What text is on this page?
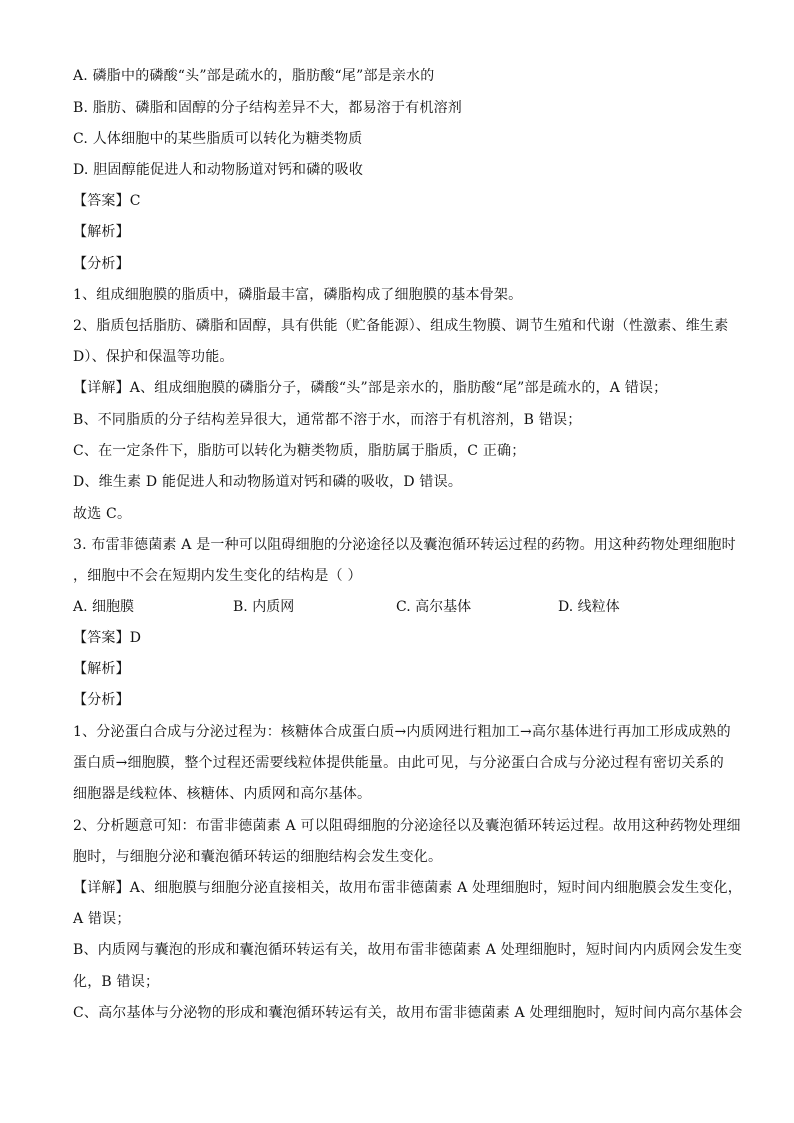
A. 磷脂中的磷酸“头”部是疏水的，脂肪酸“尾”部是亲水的
B. 脂肪、磷脂和固醇的分子结构差异不大，都易溶于有机溶剂
C. 人体细胞中的某些脂质可以转化为糖类物质
D. 胆固醇能促进人和动物肠道对钙和磷的吸收
【答案】C
【解析】
【分析】
1、组成细胞膜的脂质中，磷脂最丰富，磷脂构成了细胞膜的基本骨架。
2、脂质包括脂肪、磷脂和固醇，具有供能（贮备能源）、组成生物膜、调节生殖和代谢（性激素、维生素
D）、保护和保温等功能。
【详解】A、组成细胞膜的磷脂分子，磷酸“头”部是亲水的，脂肪酸“尾”部是疏水的，A 错误；
B、不同脂质的分子结构差异很大，通常都不溶于水，而溶于有机溶剂，B 错误；
C、在一定条件下，脂肪可以转化为糖类物质，脂肪属于脂质，C 正确；
D、维生素 D 能促进人和动物肠道对钙和磷的吸收，D 错误。
故选 C。
3. 布雷菲德菌素 A 是一种可以阻碍细胞的分泌途径以及囊泡循环转运过程的药物。用这种药物处理细胞时
，细胞中不会在短期内发生变化的结构是（ ）
A. 细胞膜	B. 内质网	C. 高尔基体	D. 线粒体
【答案】D
【解析】
【分析】
1、分泌蛋白合成与分泌过程为：核糖体合成蛋白质→内质网进行粗加工→高尔基体进行再加工形成成熟的
蛋白质→细胞膜，整个过程还需要线粒体提供能量。由此可见，与分泌蛋白合成与分泌过程有密切关系的
细胞器是线粒体、核糖体、内质网和高尔基体。
2、分析题意可知：布雷非德菌素 A 可以阻碍细胞的分泌途径以及囊泡循环转运过程。故用这种药物处理细
胞时，与细胞分泌和囊泡循环转运的细胞结构会发生变化。
【详解】A、细胞膜与细胞分泌直接相关，故用布雷非德菌素 A 处理细胞时，短时间内细胞膜会发生变化，
A 错误；
B、内质网与囊泡的形成和囊泡循环转运有关，故用布雷非德菌素 A 处理细胞时，短时间内内质网会发生变
化，B 错误；
C、高尔基体与分泌物的形成和囊泡循环转运有关，故用布雷非德菌素 A 处理细胞时，短时间内高尔基体会
